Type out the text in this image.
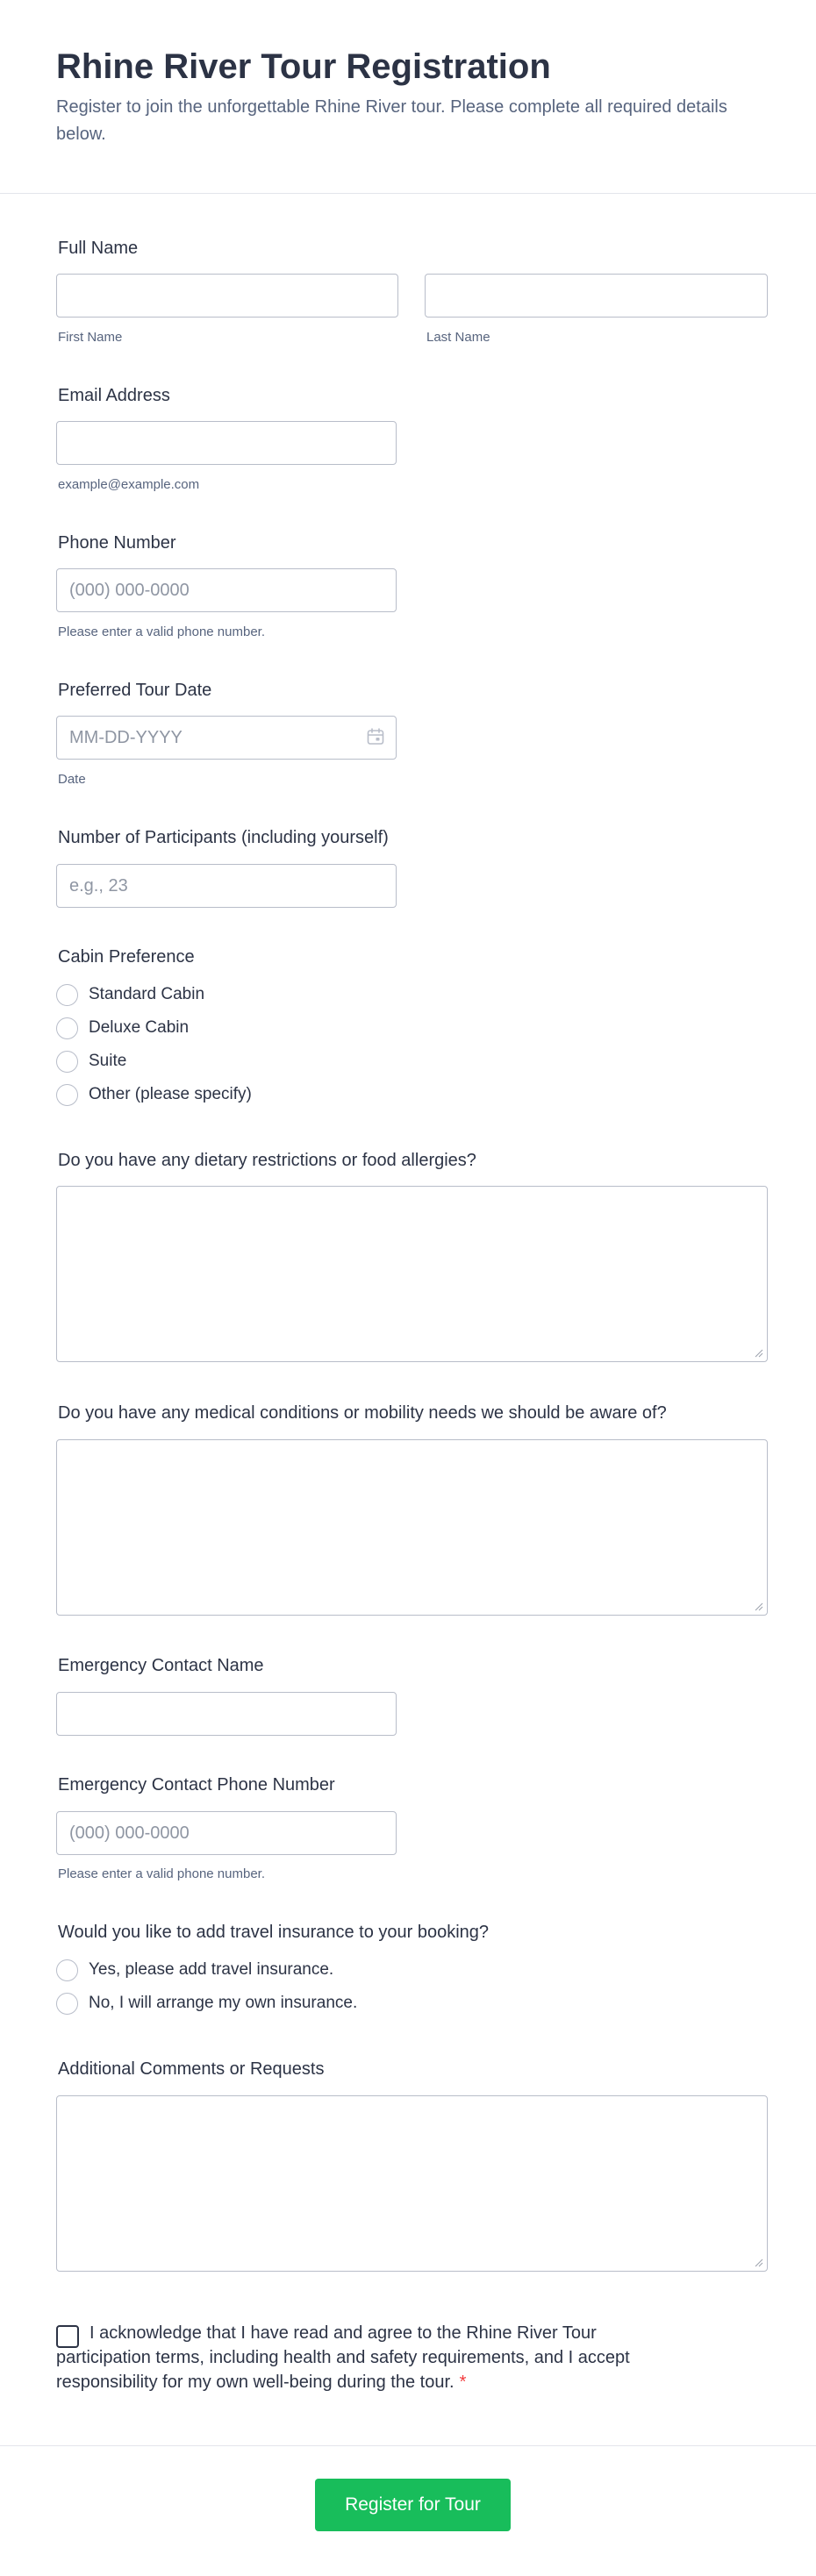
Rhine River Tour Registration

Register to join the unforgettable Rhine River tour. Please complete all required details below.

Full Name
First Name	Last Name
Email Address
example@example.com
Phone Number
(000) 000-0000
Please enter a valid phone number.
Preferred Tour Date
MM-DD-YYYY
Date
Number of Participants (including yourself)
e.g., 23
Cabin Preference
Standard Cabin
Deluxe Cabin
Suite
Other (please specify)
Do you have any dietary restrictions or food allergies?
Do you have any medical conditions or mobility needs we should be aware of?
Emergency Contact Name
Emergency Contact Phone Number
(000) 000-0000
Please enter a valid phone number.
Would you like to add travel insurance to your booking?
Yes, please add travel insurance.
No, I will arrange my own insurance.
Additional Comments or Requests

I acknowledge that I have read and agree to the Rhine River Tour participation terms, including health and safety requirements, and I accept responsibility for my own well-being during the tour. *

Register for Tour
